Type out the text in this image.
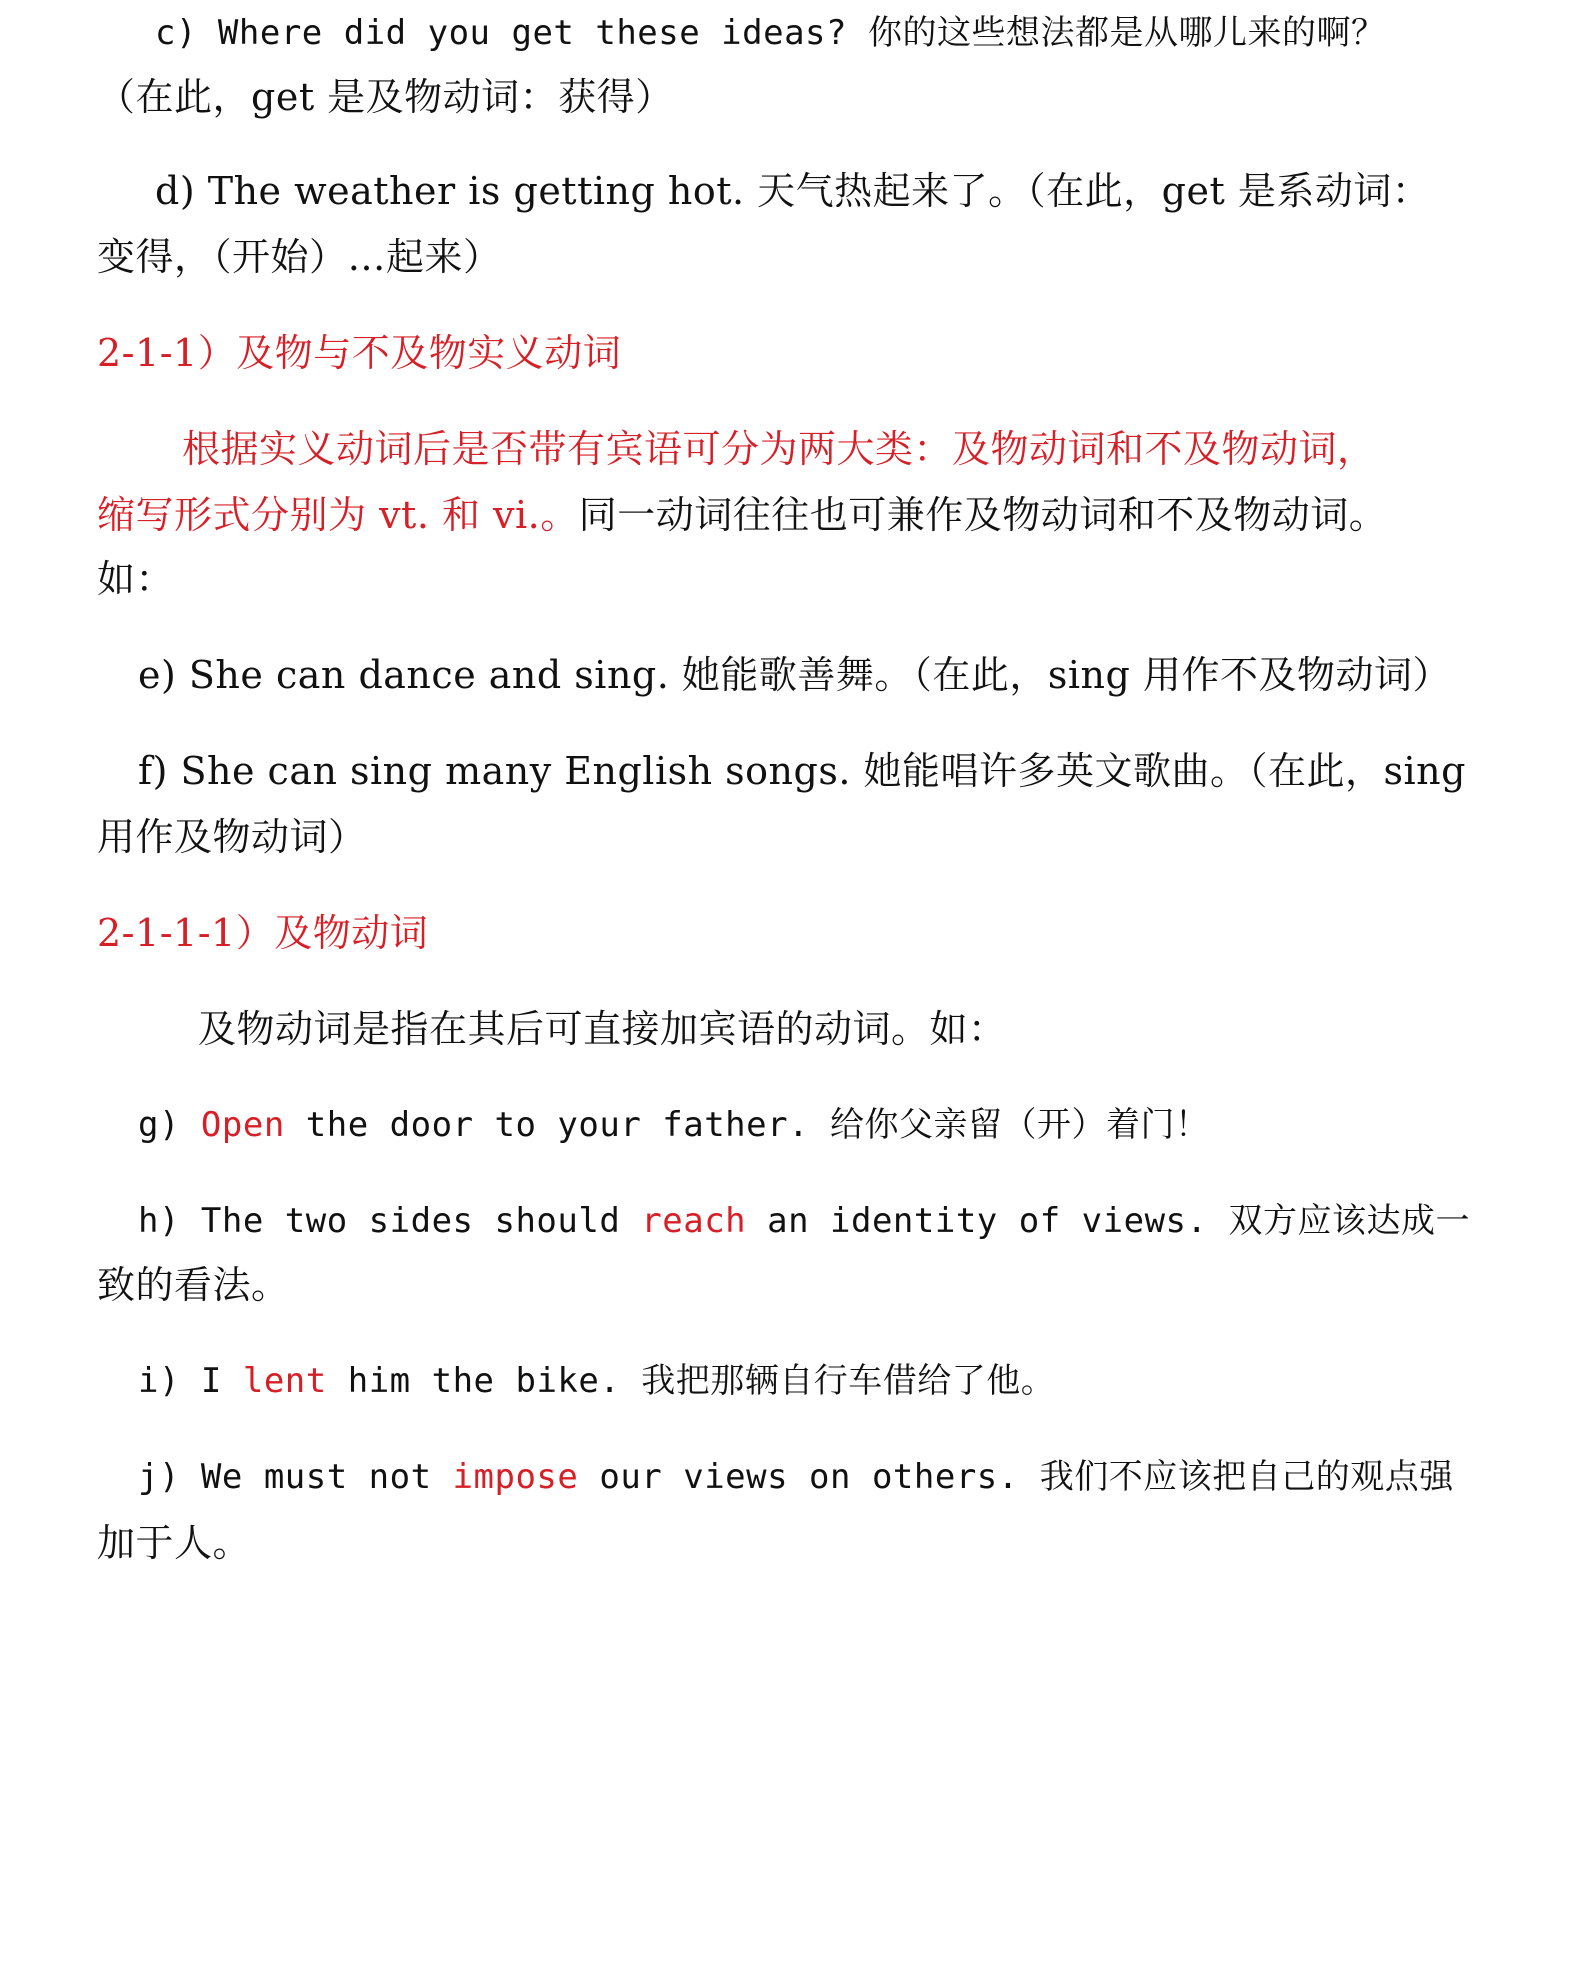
c) Where did you get these ideas? 你的这些想法都是从哪儿来的啊？
（在此，get 是及物动词：获得）
d) The weather is getting hot. 天气热起来了。（在此，get 是系动词：
变得，（开始）…起来）
2-1-1）及物与不及物实义动词
根据实义动词后是否带有宾语可分为两大类：及物动词和不及物动词，
缩写形式分别为 vt. 和 vi.。同一动词往往也可兼作及物动词和不及物动词。
如：
e) She can dance and sing. 她能歌善舞。（在此，sing 用作不及物动词）
f) She can sing many English songs. 她能唱许多英文歌曲。（在此，sing
用作及物动词）
2-1-1-1）及物动词
及物动词是指在其后可直接加宾语的动词。如：
g) Open the door to your father. 给你父亲留（开）着门！
h) The two sides should reach an identity of views. 双方应该达成一
致的看法。
i) I lent him the bike. 我把那辆自行车借给了他。
j) We must not impose our views on others. 我们不应该把自己的观点强
加于人。
